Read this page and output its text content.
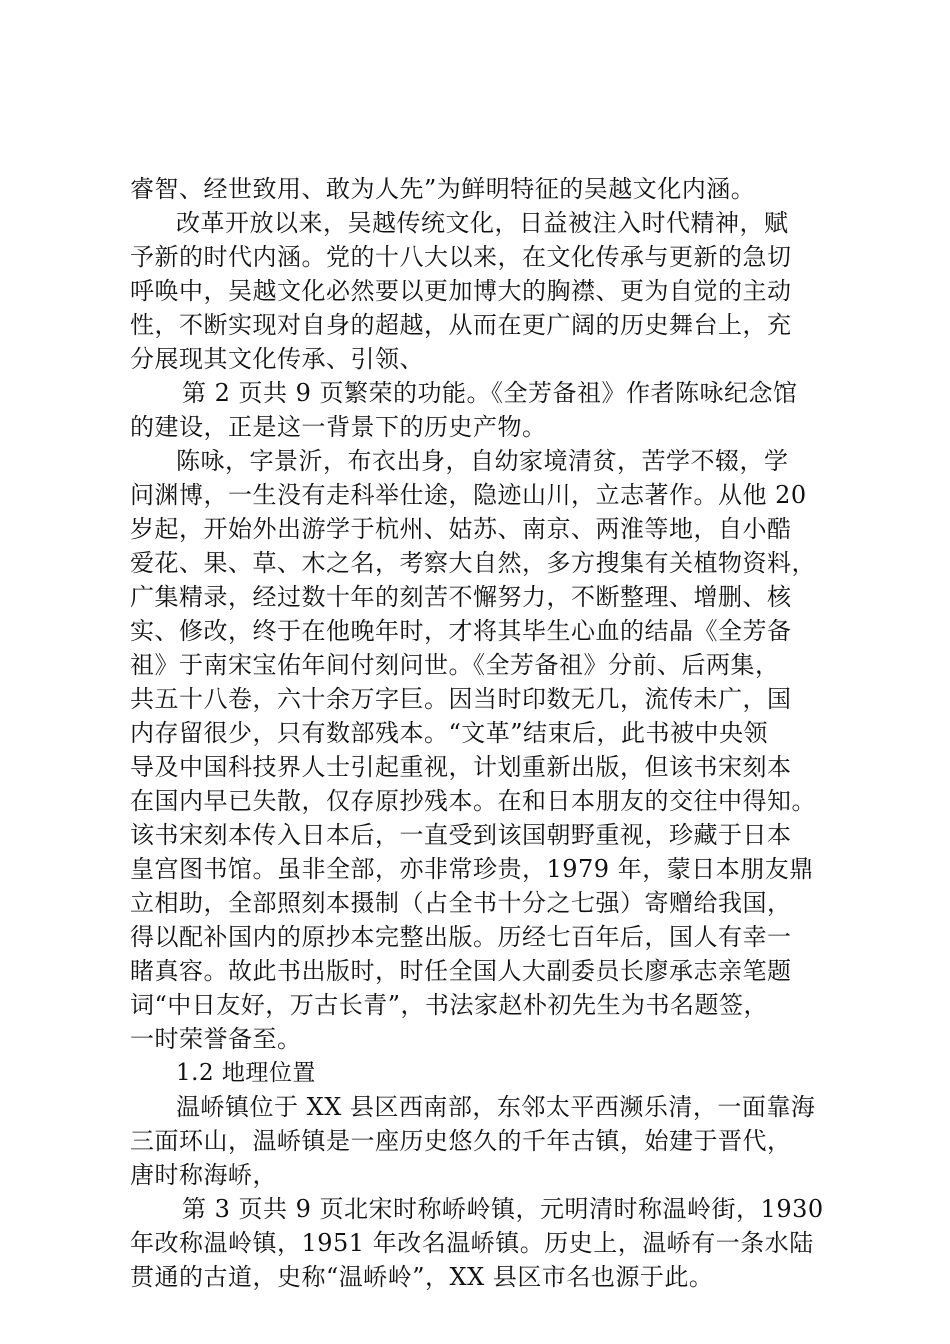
睿智、经世致用、敢为人先”为鲜明特征的吴越文化内涵。
改革开放以来，吴越传统文化，日益被注入时代精神，赋
予新的时代内涵。党的十八大以来，在文化传承与更新的急切
呼唤中，吴越文化必然要以更加博大的胸襟、更为自觉的主动
性，不断实现对自身的超越，从而在更广阔的历史舞台上，充
分展现其文化传承、引领、
第 2 页共 9 页繁荣的功能。《全芳备祖》作者陈咏纪念馆
的建设，正是这一背景下的历史产物。
陈咏，字景沂，布衣出身，自幼家境清贫，苦学不辍，学
问渊博，一生没有走科举仕途，隐迹山川，立志著作。从他 20
岁起，开始外出游学于杭州、姑苏、南京、两淮等地，自小酷
爱花、果、草、木之名，考察大自然，多方搜集有关植物资料，
广集精录，经过数十年的刻苦不懈努力，不断整理、增删、核
实、修改，终于在他晚年时，才将其毕生心血的结晶《全芳备
祖》于南宋宝佑年间付刻问世。《全芳备祖》分前、后两集，
共五十八卷，六十余万字巨。因当时印数无几，流传未广，国
内存留很少，只有数部残本。“文革”结束后，此书被中央领
导及中国科技界人士引起重视，计划重新出版，但该书宋刻本
在国内早已失散，仅存原抄残本。在和日本朋友的交往中得知。
该书宋刻本传入日本后，一直受到该国朝野重视，珍藏于日本
皇宫图书馆。虽非全部，亦非常珍贵，1979 年，蒙日本朋友鼎
立相助，全部照刻本摄制（占全书十分之七强）寄赠给我国，
得以配补国内的原抄本完整出版。历经七百年后，国人有幸一
睹真容。故此书出版时，时任全国人大副委员长廖承志亲笔题
词“中日友好，万古长青”，书法家赵朴初先生为书名题签，
一时荣誉备至。
1.2 地理位置
温峤镇位于 XX 县区西南部，东邻太平西濒乐清，一面靠海
三面环山，温峤镇是一座历史悠久的千年古镇，始建于晋代，
唐时称海峤，
第 3 页共 9 页北宋时称峤岭镇，元明清时称温岭街，1930
年改称温岭镇，1951 年改名温峤镇。历史上，温峤有一条水陆
贯通的古道，史称“温峤岭”，XX 县区市名也源于此。
